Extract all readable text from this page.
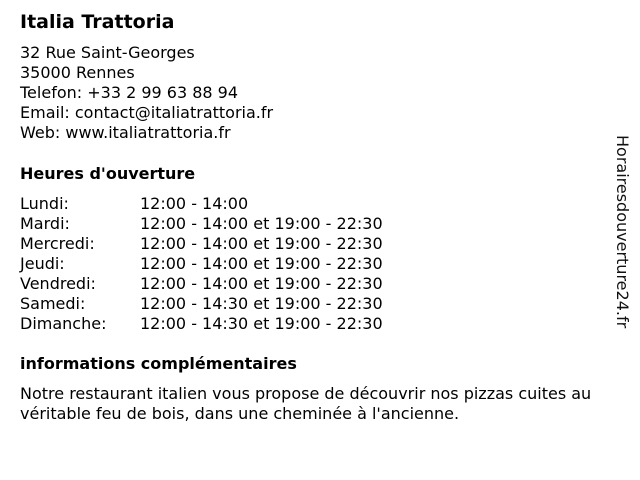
Italia Trattoria
32 Rue Saint-Georges
35000 Rennes
Telefon: +33 2 99 63 88 94
Email: contact@italiatrattoria.fr
Web: www.italiatrattoria.fr
Heures d'ouverture
Lundi:	12:00 - 14:00
Mardi:	12:00 - 14:00 et 19:00 - 22:30
Mercredi:	12:00 - 14:00 et 19:00 - 22:30
Jeudi:	12:00 - 14:00 et 19:00 - 22:30
Vendredi:	12:00 - 14:00 et 19:00 - 22:30
Samedi:	12:00 - 14:30 et 19:00 - 22:30
Dimanche: 12:00 - 14:30 et 19:00 - 22:30
informations complémentaires

Notre restaurant italien vous propose de découvrir nos pizzas cuites au véritable feu de bois, dans une cheminée à l'ancienne.

Horairesdouverture24.fr
